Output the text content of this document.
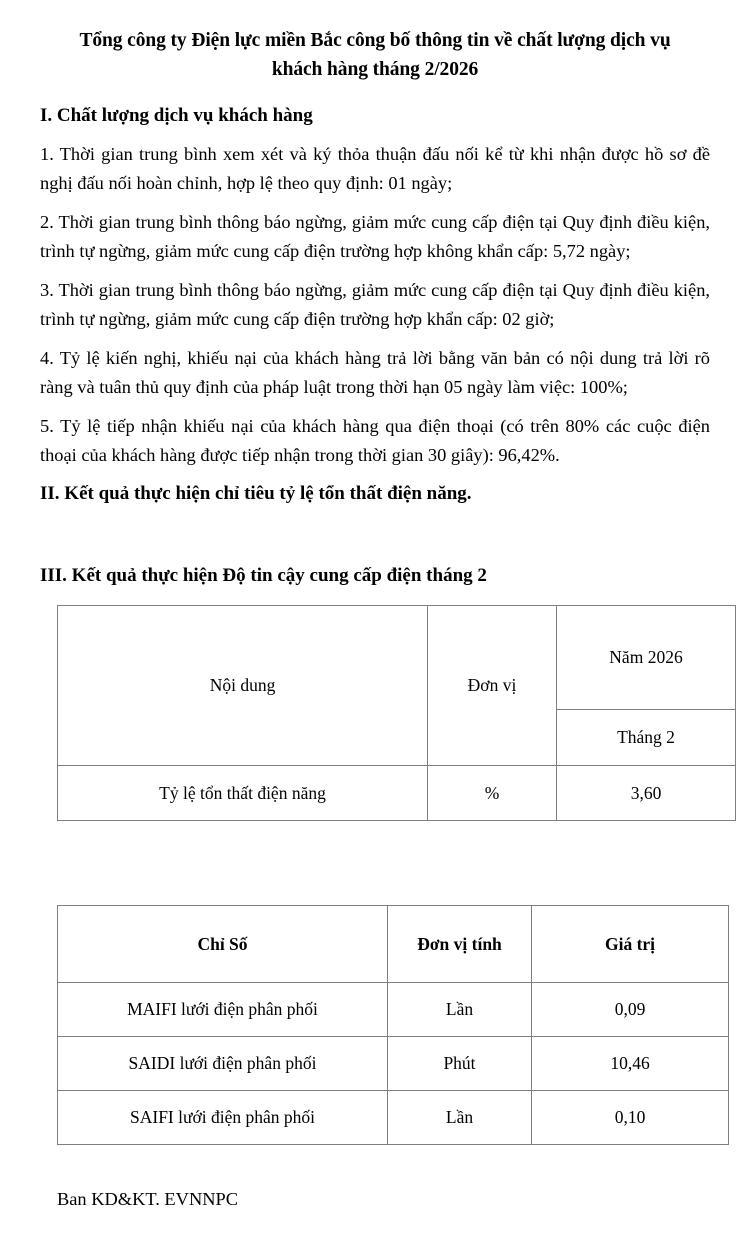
Tổng công ty Điện lực miền Bắc công bố thông tin về chất lượng dịch vụ khách hàng tháng 2/2026
I. Chất lượng dịch vụ khách hàng

1. Thời gian trung bình xem xét và ký thỏa thuận đấu nối kể từ khi nhận được hồ sơ đề nghị đấu nối hoàn chỉnh, hợp lệ theo quy định: 01 ngày;

2. Thời gian trung bình thông báo ngừng, giảm mức cung cấp điện tại Quy định điều kiện, trình tự ngừng, giảm mức cung cấp điện trường hợp không khẩn cấp: 5,72 ngày;

3. Thời gian trung bình thông báo ngừng, giảm mức cung cấp điện tại Quy định điều kiện, trình tự ngừng, giảm mức cung cấp điện trường hợp khẩn cấp: 02 giờ;

4. Tỷ lệ kiến nghị, khiếu nại của khách hàng trả lời bằng văn bản có nội dung trả lời rõ ràng và tuân thủ quy định của pháp luật trong thời hạn 05 ngày làm việc: 100%;

5. Tỷ lệ tiếp nhận khiếu nại của khách hàng qua điện thoại (có trên 80% các cuộc điện thoại của khách hàng được tiếp nhận trong thời gian 30 giây): 96,42%.

II. Kết quả thực hiện chỉ tiêu tỷ lệ tổn thất điện năng.
Nội dung	Đơn vị	Năm 2026
		Tháng 2
Tỷ lệ tổn thất điện năng	%	3,60
III. Kết quả thực hiện Độ tin cậy cung cấp điện tháng 2
Chỉ Số	Đơn vị tính	Giá trị
MAIFI lưới điện phân phối	Lần	0,09
SAIDI lưới điện phân phối	Phút	10,46
SAIFI lưới điện phân phối	Lần	0,10
Ban KD&KT. EVNNPC
